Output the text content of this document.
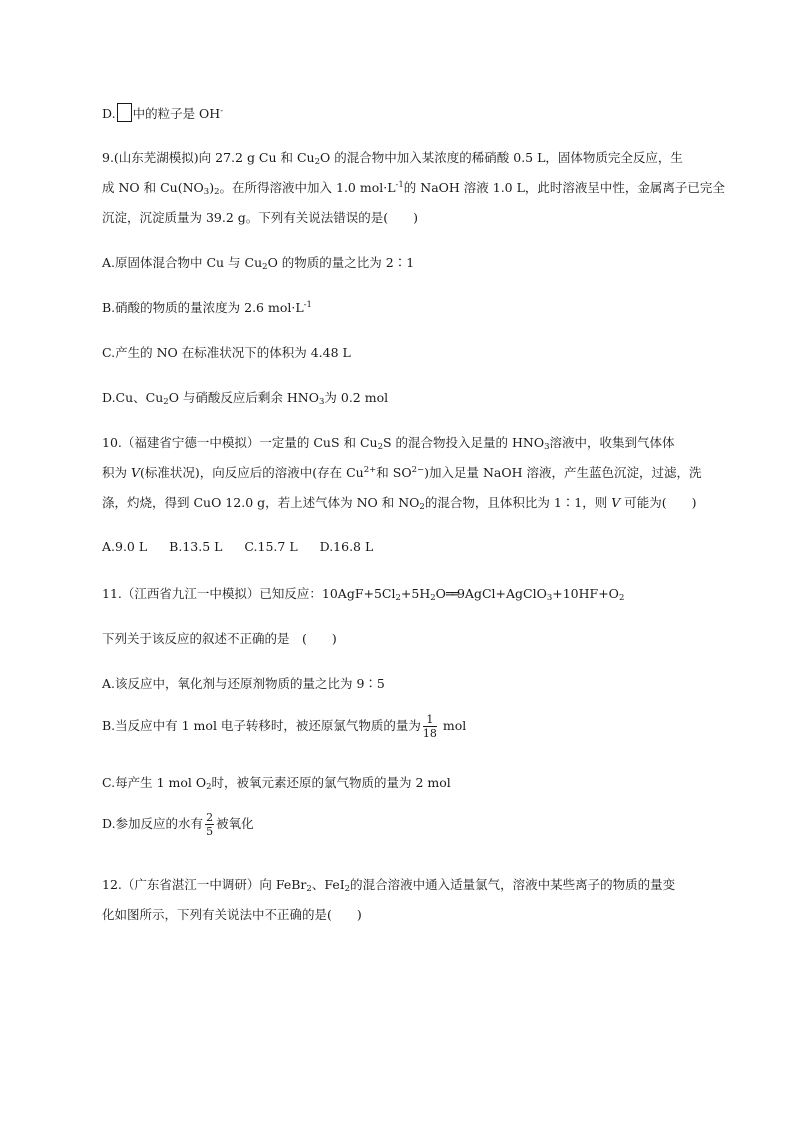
D. 中的粒子是 OH-
9.(山东芜湖模拟)向 27.2 g Cu 和 $Cu_2O$ 的混合物中加入某浓度的稀硝酸 0.5 L，固体物质完全反应，生
成 NO 和 $Cu(NO_3)_2$。在所得溶液中加入 1.0 $mol\cdot L^{-1}$的 NaOH 溶液 1.0 L，此时溶液呈中性，金属离子已完全
沉淀，沉淀质量为 39.2 g。下列有关说法错误的是(　　)
A.原固体混合物中 Cu 与 $Cu_2O$ 的物质的量之比为 2∶1
B.硝酸的物质的量浓度为 2.6 $mol\cdot L^{-1}$
C.产生的 NO 在标准状况下的体积为 4.48 L
D.Cu、$Cu_2O$ 与硝酸反应后剩余 $HNO_3$为 0.2 mol
10.（福建省宁德一中模拟）一定量的 CuS 和 $Cu_2S$ 的混合物投入足量的 $HNO_3$溶液中，收集到气体体
积为 V(标准状况)，向反应后的溶液中(存在 $Cu^{2+}$和 $SO^{2-}$)加入足量 NaOH 溶液，产生蓝色沉淀，过滤，洗
涤，灼烧，得到 CuO 12.0 g，若上述气体为 NO 和 $NO_2$的混合物，且体积比为 1∶1，则 V 可能为(　　)
A.9.0 L B.13.5 L C.15.7 L D.16.8 L
11.（江西省九江一中模拟）已知反应：$10AgF+5Cl_2+5H_2O══9AgCl+AgClO_3+10HF+O_2$
下列关于该反应的叙述不正确的是　(　　)
A.该反应中，氧化剂与还原剂物质的量之比为 9∶5
B.当反应中有 1 mol 电子转移时，被还原氯气物质的量为 $\frac{1}{18}$ mol
C.每产生 1 mol $O_2$时，被氧元素还原的氯气物质的量为 2 mol
D.参加反应的水有 $\frac{2}{5}$ 被氧化
12.（广东省湛江一中调研）向 FeBr$_2$、FeI$_2$的混合溶液中通入适量氯气，溶液中某些离子的物质的量变
化如图所示，下列有关说法中不正确的是(　　)
